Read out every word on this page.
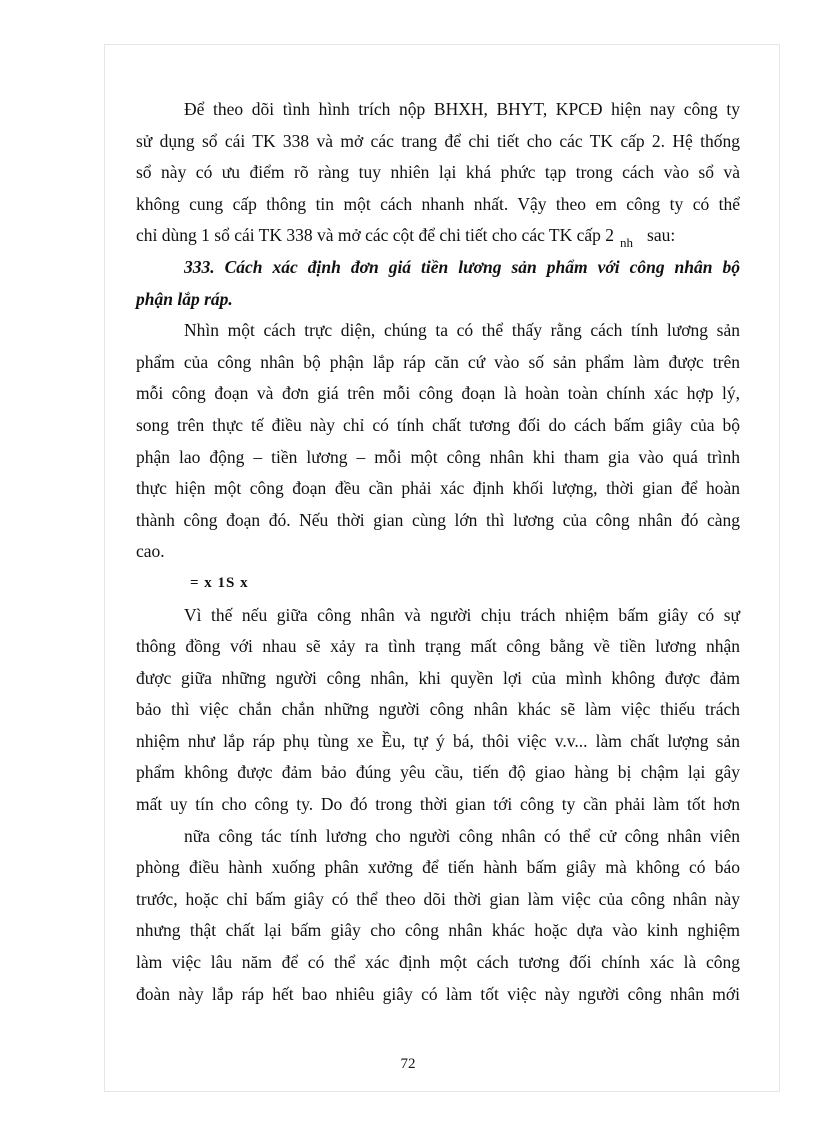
Để theo dõi tình hình trích nộp BHXH, BHYT, KPCĐ hiện nay công ty
sử dụng sổ cái TK 338 và mở các trang để chi tiết cho các TK cấp 2. Hệ thống
sổ này có ưu điểm rõ ràng tuy nhiên lại khá phức tạp trong cách vào sổ và
không cung cấp thông tin một cách nhanh nhất. Vậy theo em công ty có thể
chỉ dùng 1 sổ cái TK 338 và mở các cột để chi tiết cho các TK cấp 2 $_{nh}$ sau:
333. Cách xác định đơn giá tiền lương sản phẩm với công nhân bộ
phận lắp ráp.
Nhìn một cách trực diện, chúng ta có thể thấy rằng cách tính lương sản
phẩm của công nhân bộ phận lắp ráp căn cứ vào số sản phẩm làm được trên
mỗi công đoạn và đơn giá trên mỗi công đoạn là hoàn toàn chính xác hợp lý,
song trên thực tế điều này chỉ có tính chất tương đối do cách bấm giây của bộ
phận lao động – tiền lương – mỗi một công nhân khi tham gia vào quá trình
thực hiện một công đoạn đều cần phải xác định khối lượng, thời gian để hoàn
thành công đoạn đó. Nếu thời gian cùng lớn thì lương của công nhân đó càng
cao.
= x 1S x
Vì thế nếu giữa công nhân và người chịu trách nhiệm bấm giây có sự
thông đồng với nhau sẽ xảy ra tình trạng mất công bằng về tiền lương nhận
được giữa những người công nhân, khi quyền lợi của mình không được đảm
bảo thì việc chắn chắn những người công nhân khác sẽ làm việc thiếu trách
nhiệm như lắp ráp phụ tùng xe Ều, tự ý bá, thôi việc v.v... làm chất lượng sản
phẩm không được đảm bảo đúng yêu cầu, tiến độ giao hàng bị chậm lại gây
mất uy tín cho công ty. Do đó trong thời gian tới công ty cần phải làm tốt hơn
nữa công tác tính lương cho người công nhân có thể cử công nhân viên
phòng điều hành xuống phân xưởng để tiến hành bấm giây mà không có báo
trước, hoặc chỉ bấm giây có thể theo dõi thời gian làm việc của công nhân này
nhưng thật chất lại bấm giây cho công nhân khác hoặc dựa vào kinh nghiệm
làm việc lâu năm để có thể xác định một cách tương đối chính xác là công
đoàn này lắp ráp hết bao nhiêu giây có làm tốt việc này người công nhân mới
72
